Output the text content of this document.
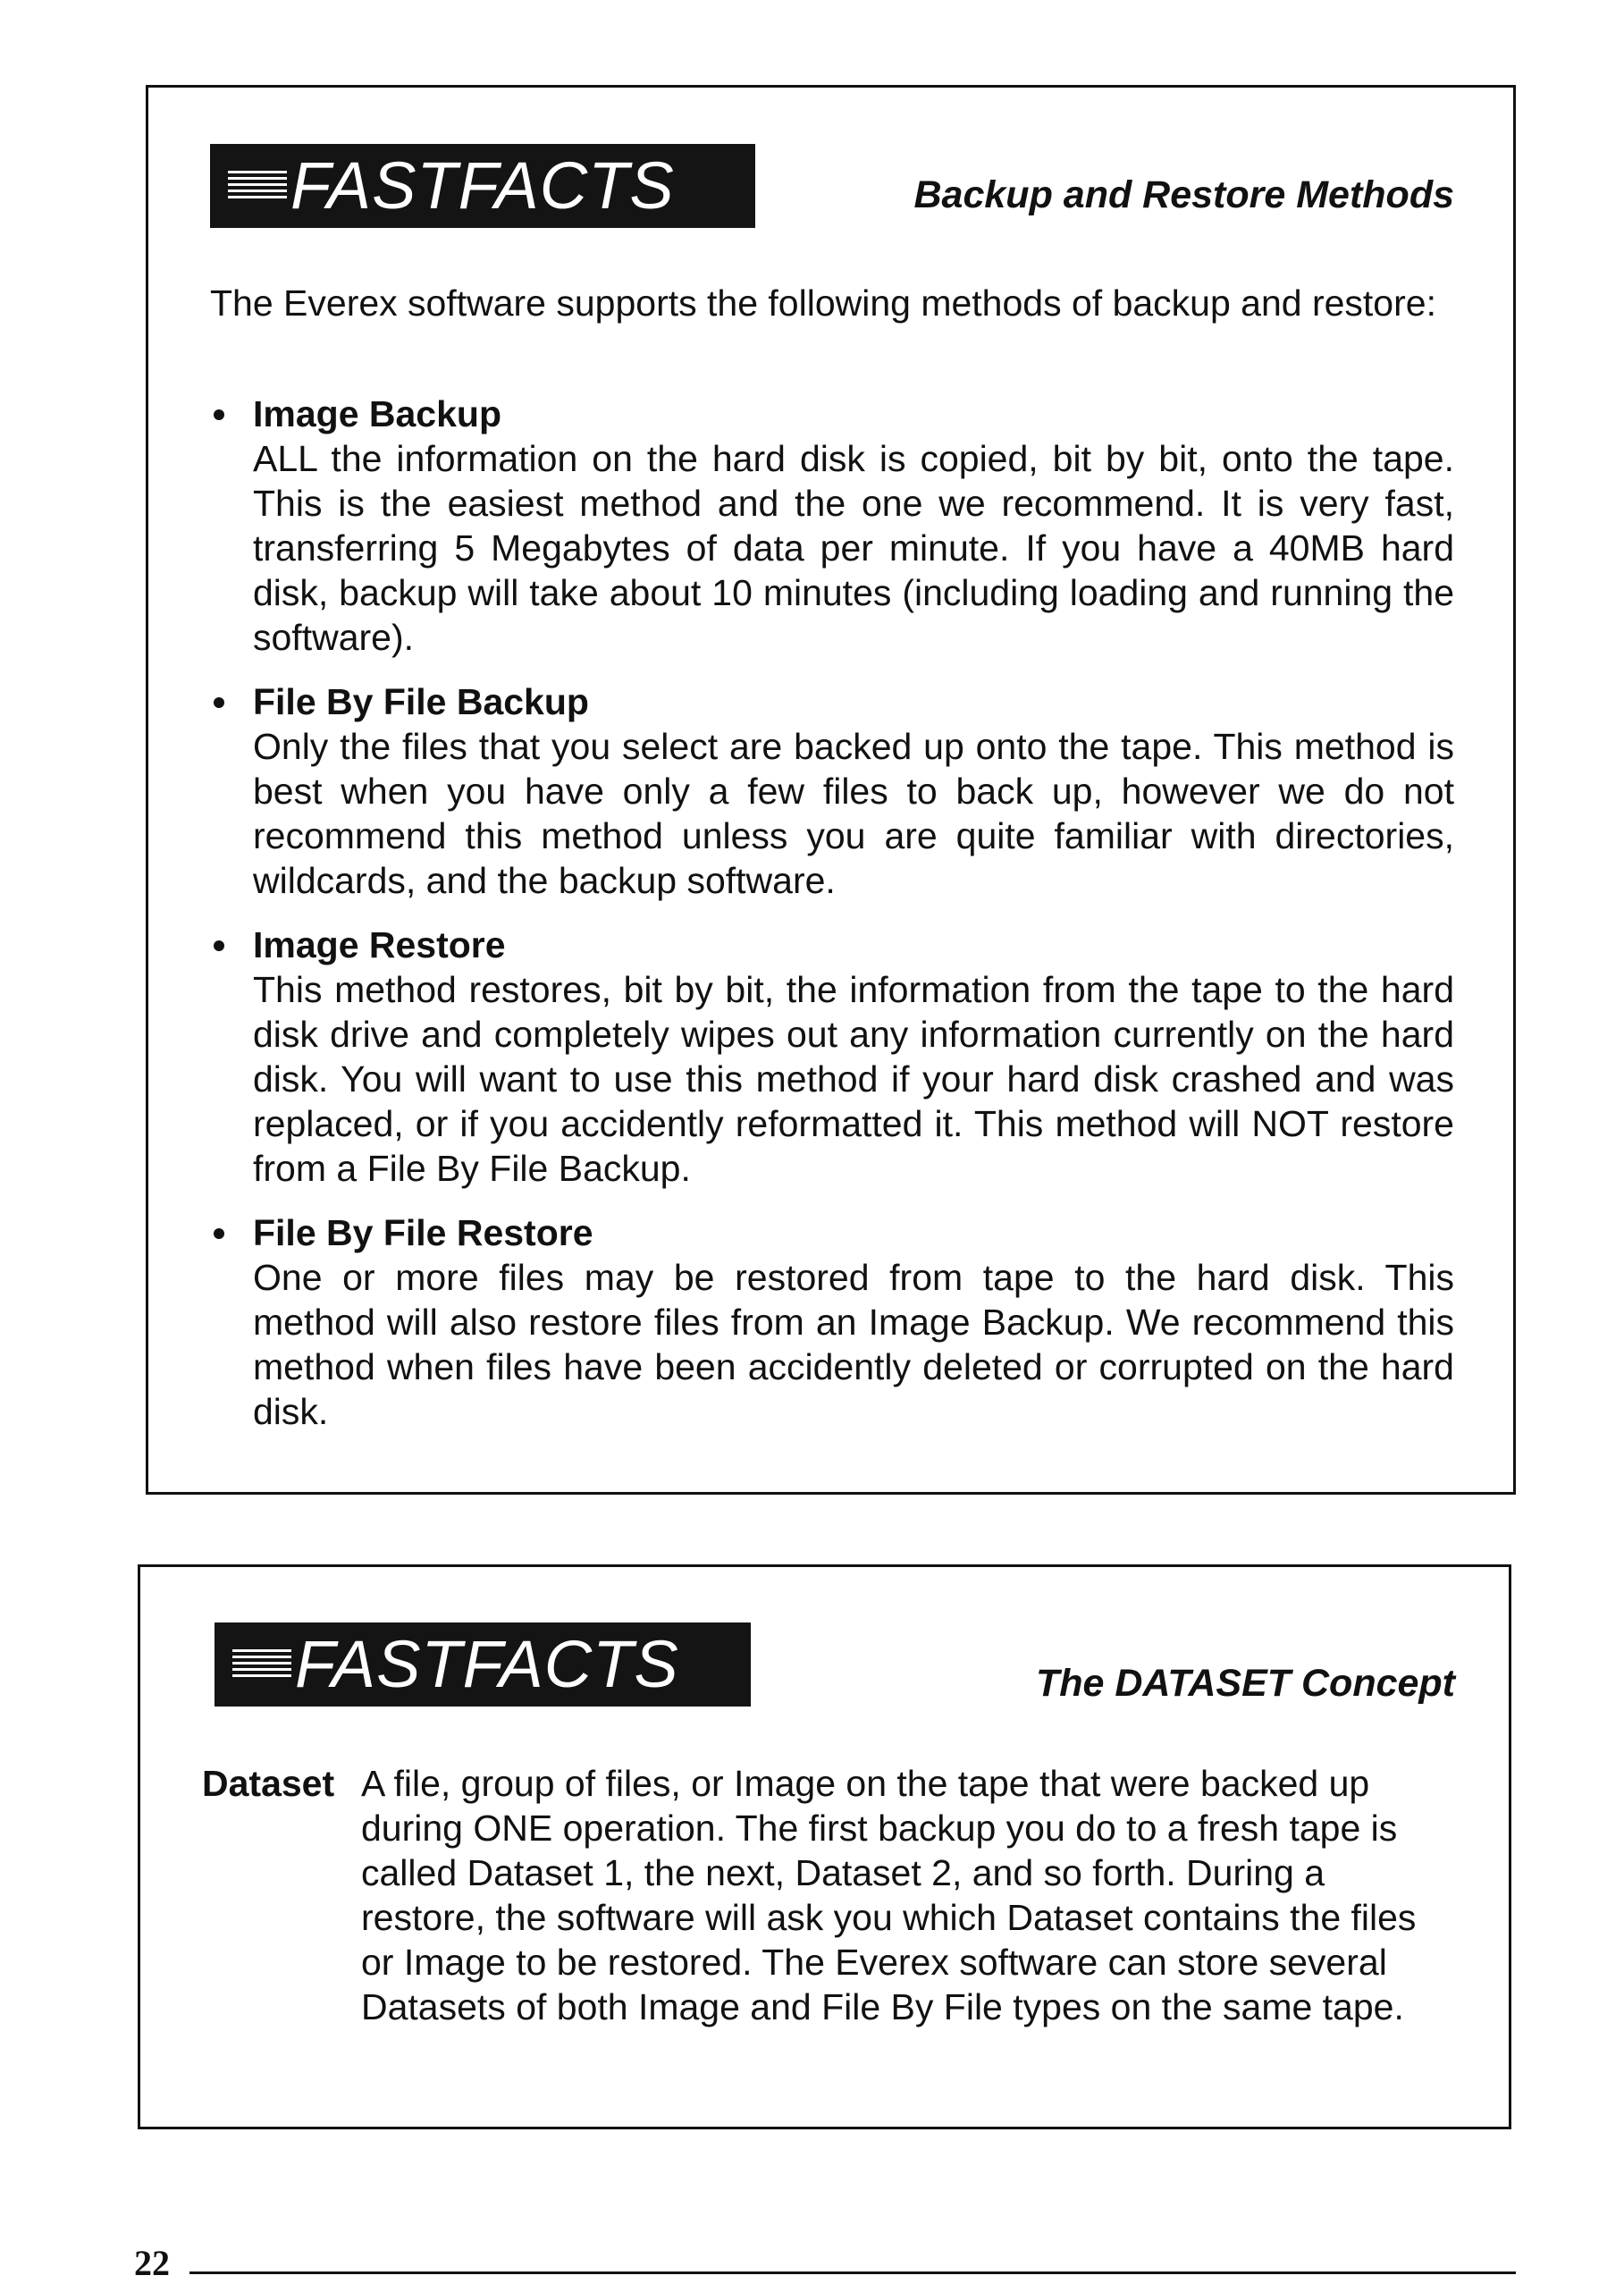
FASTFACTS	Backup and Restore Methods
The Everex software supports the following methods of backup and restore:
Image Backup
ALL the information on the hard disk is copied, bit by bit, onto the tape. This is the easiest method and the one we recommend. It is very fast, transferring 5 Megabytes of data per minute. If you have a 40MB hard disk, backup will take about 10 minutes (including loading and running the software).
File By File Backup
Only the files that you select are backed up onto the tape. This method is best when you have only a few files to back up, however we do not recommend this method unless you are quite familiar with directories, wildcards, and the backup software.
Image Restore
This method restores, bit by bit, the information from the tape to the hard disk drive and completely wipes out any information currently on the hard disk. You will want to use this method if your hard disk crashed and was replaced, or if you accidently reformatted it. This method will NOT restore from a File By File Backup.
File By File Restore
One or more files may be restored from tape to the hard disk. This method will also restore files from an Image Backup. We recommend this method when files have been accidently deleted or corrupted on the hard disk.
FASTFACTS	The DATASET Concept
Dataset A file, group of files, or Image on the tape that were backed up during ONE operation. The first backup you do to a fresh tape is called Dataset 1, the next, Dataset 2, and so forth. During a restore, the software will ask you which Dataset contains the files or Image to be restored. The Everex software can store several Datasets of both Image and File By File types on the same tape.
22
